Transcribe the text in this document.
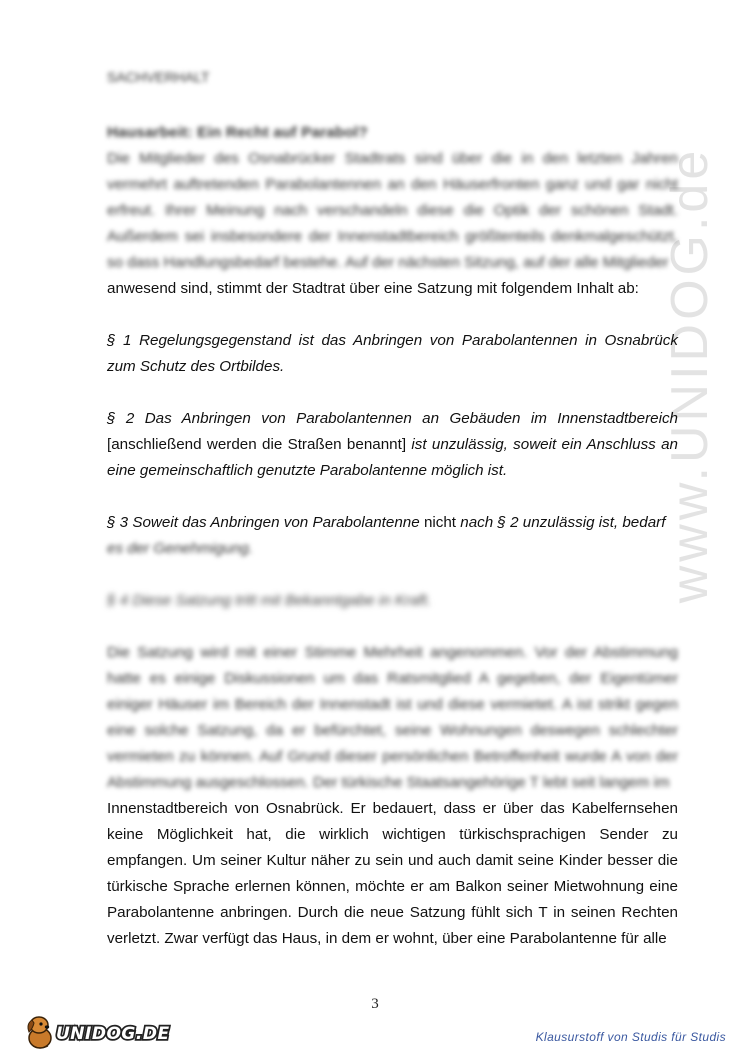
www.UNIDOG.de

SACHVERHALT

Hausarbeit: Ein Recht auf Parabol?

Die Mitglieder des Osnabrücker Stadtrats sind über die in den letzten Jahren vermehrt auftretenden Parabolantennen an den Häuserfronten ganz und gar nicht erfreut. Ihrer Meinung nach verschandeln diese die Optik der schönen Stadt. Außerdem sei insbesondere der Innenstadtbereich größtenteils denkmalgeschützt, so dass Handlungsbedarf bestehe. Auf der nächsten Sitzung, auf der alle Mitglieder

anwesend sind, stimmt der Stadtrat über eine Satzung mit folgendem Inhalt ab:

§ 1 Regelungsgegenstand ist das Anbringen von Parabolantennen in Osnabrück zum Schutz des Ortbildes.

§ 2 Das Anbringen von Parabolantennen an Gebäuden im Innenstadtbereich [anschließend werden die Straßen benannt] ist unzulässig, soweit ein Anschluss an eine gemeinschaftlich genutzte Parabolantenne möglich ist.

§ 3 Soweit das Anbringen von Parabolantenne nicht nach § 2 unzulässig ist, bedarf

es der Genehmigung.

§ 4 Diese Satzung tritt mit Bekanntgabe in Kraft.

Die Satzung wird mit einer Stimme Mehrheit angenommen. Vor der Abstimmung hatte es einige Diskussionen um das Ratsmitglied A gegeben, der Eigentümer einiger Häuser im Bereich der Innenstadt ist und diese vermietet. A ist strikt gegen eine solche Satzung, da er befürchtet, seine Wohnungen deswegen schlechter vermieten zu können. Auf Grund dieser persönlichen Betroffenheit wurde A von der Abstimmung ausgeschlossen. Der türkische Staatsangehörige T lebt seit langem im

Innenstadtbereich von Osnabrück. Er bedauert, dass er über das Kabelfernsehen keine Möglichkeit hat, die wirklich wichtigen türkischsprachigen Sender zu empfangen. Um seiner Kultur näher zu sein und auch damit seine Kinder besser die türkische Sprache erlernen können, möchte er am Balkon seiner Mietwohnung eine Parabolantenne anbringen. Durch die neue Satzung fühlt sich T in seinen Rechten verletzt. Zwar verfügt das Haus, in dem er wohnt, über eine Parabolantenne für alle

3
UNIDOG.DE	Klausurstoff von Studis für Studis
